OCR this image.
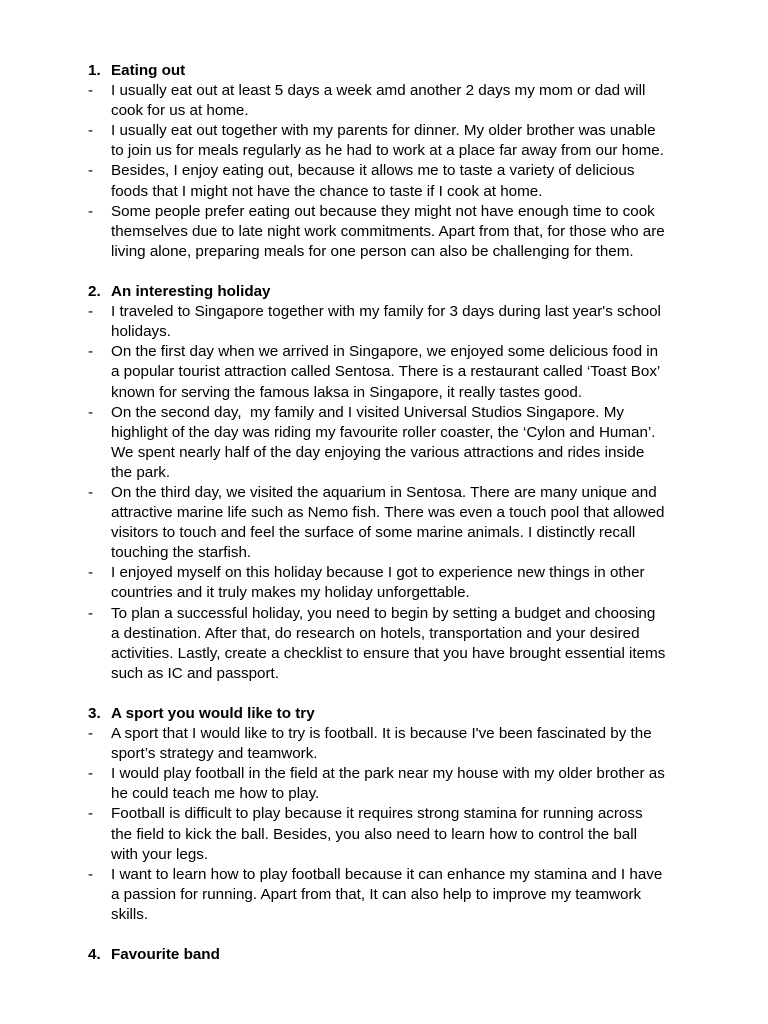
1. Eating out
-	I usually eat out at least 5 days a week amd another 2 days my mom or dad will
cook for us at home.
-	I usually eat out together with my parents for dinner. My older brother was unable
to join us for meals regularly as he had to work at a place far away from our home.
-	Besides, I enjoy eating out, because it allows me to taste a variety of delicious
foods that I might not have the chance to taste if I cook at home.
-	Some people prefer eating out because they might not have enough time to cook
themselves due to late night work commitments. Apart from that, for those who are
living alone, preparing meals for one person can also be challenging for them.
2. An interesting holiday
-	I traveled to Singapore together with my family for 3 days during last year's school
holidays.
-	On the first day when we arrived in Singapore, we enjoyed some delicious food in
a popular tourist attraction called Sentosa. There is a restaurant called ‘Toast Box’
known for serving the famous laksa in Singapore, it really tastes good.
-	On the second day,  my family and I visited Universal Studios Singapore. My
highlight of the day was riding my favourite roller coaster, the ‘Cylon and Human’.
We spent nearly half of the day enjoying the various attractions and rides inside
the park.
-	On the third day, we visited the aquarium in Sentosa. There are many unique and
attractive marine life such as Nemo fish. There was even a touch pool that allowed
visitors to touch and feel the surface of some marine animals. I distinctly recall
touching the starfish.
-	I enjoyed myself on this holiday because I got to experience new things in other
countries and it truly makes my holiday unforgettable.
-	To plan a successful holiday, you need to begin by setting a budget and choosing
a destination. After that, do research on hotels, transportation and your desired
activities. Lastly, create a checklist to ensure that you have brought essential items
such as IC and passport.
3. A sport you would like to try
-	A sport that I would like to try is football. It is because I've been fascinated by the
sport’s strategy and teamwork.
-	I would play football in the field at the park near my house with my older brother as
he could teach me how to play.
-	Football is difficult to play because it requires strong stamina for running across
the field to kick the ball. Besides, you also need to learn how to control the ball
with your legs.
-	I want to learn how to play football because it can enhance my stamina and I have
a passion for running. Apart from that, It can also help to improve my teamwork
skills.
4. Favourite band
